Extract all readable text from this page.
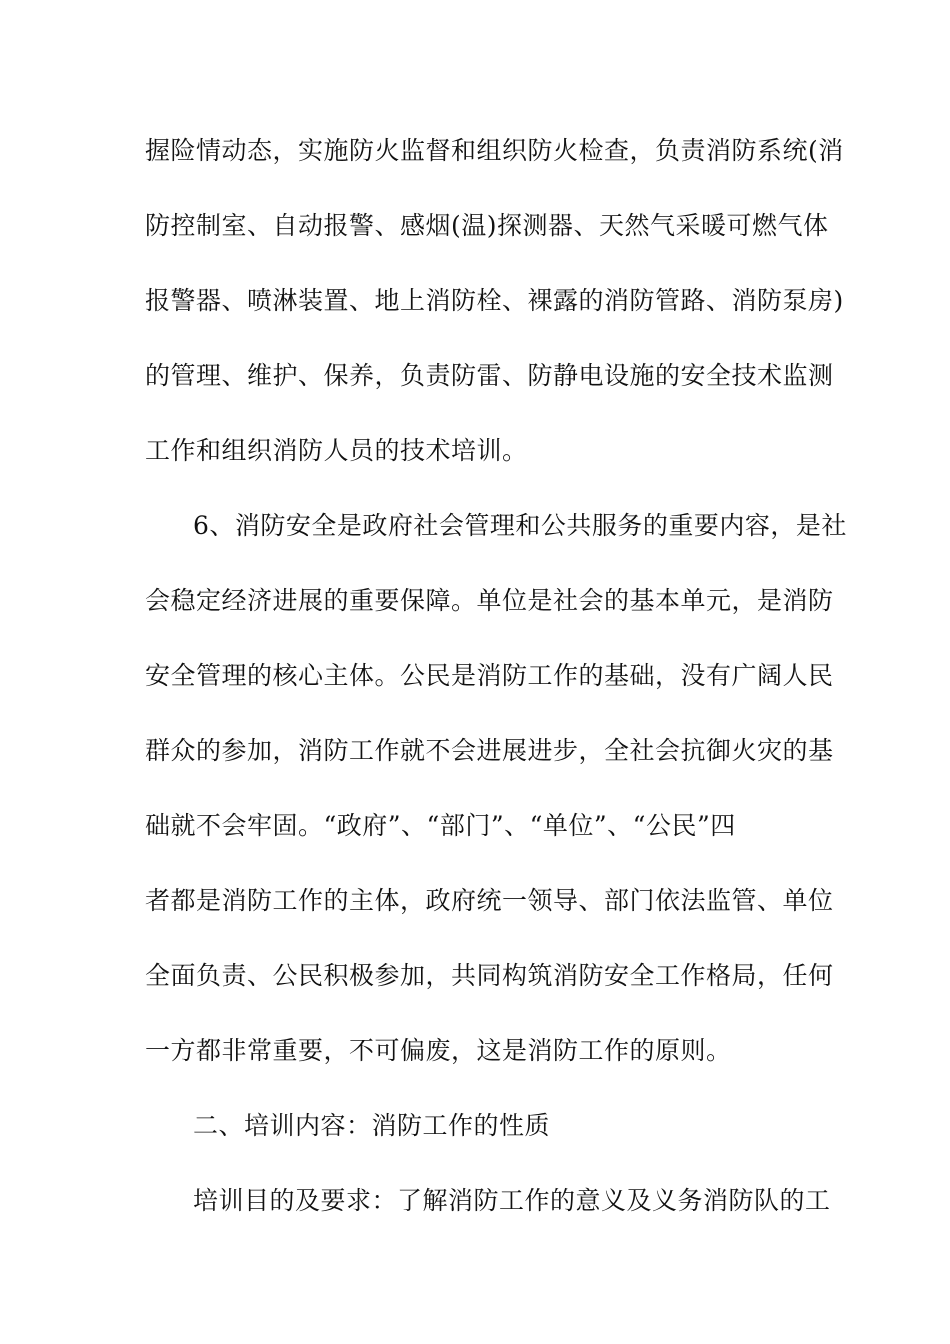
握险情动态，实施防火监督和组织防火检查，负责消防系统(消
防控制室、自动报警、感烟(温)探测器、天然气采暖可燃气体
报警器、喷淋装置、地上消防栓、裸露的消防管路、消防泵房)
的管理、维护、保养，负责防雷、防静电设施的安全技术监测
工作和组织消防人员的技术培训。
6、消防安全是政府社会管理和公共服务的重要内容，是社
会稳定经济进展的重要保障。单位是社会的基本单元，是消防
安全管理的核心主体。公民是消防工作的基础，没有广阔人民
群众的参加，消防工作就不会进展进步，全社会抗御火灾的基
础就不会牢固。“政府”、“部门”、“单位”、“公民”四
者都是消防工作的主体，政府统一领导、部门依法监管、单位
全面负责、公民积极参加，共同构筑消防安全工作格局，任何
一方都非常重要，不可偏废，这是消防工作的原则。
二、培训内容：消防工作的性质
培训目的及要求：了解消防工作的意义及义务消防队的工
